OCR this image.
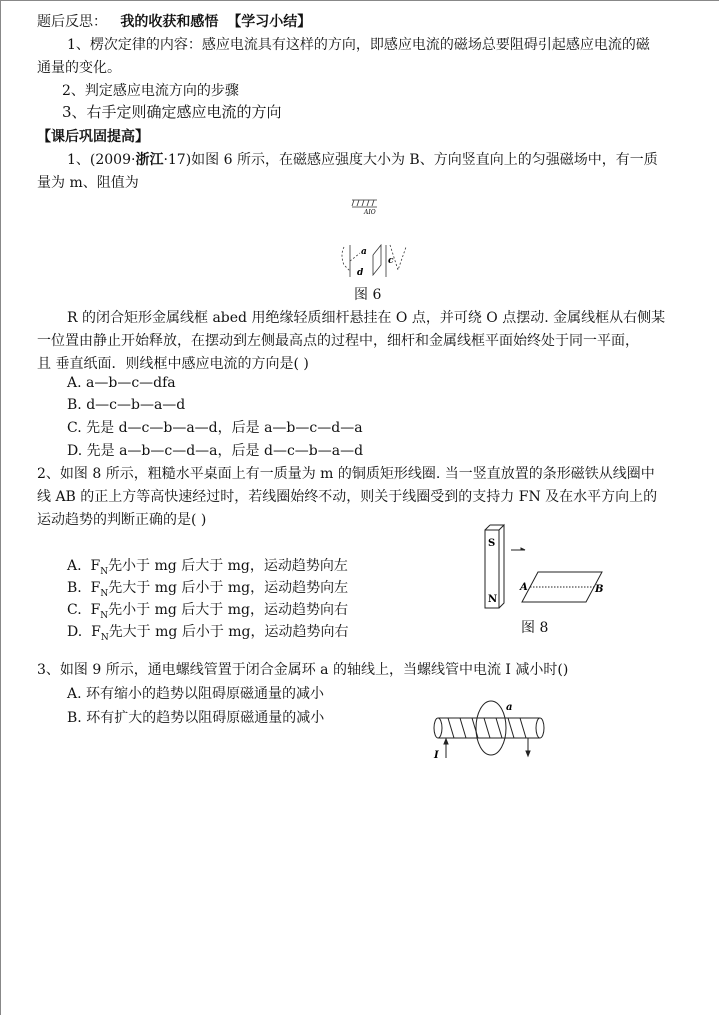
题后反思： 我的收获和感悟 【学习小结】
1、楞次定律的内容：感应电流具有这样的方向，即感应电流的磁场总要阻碍引起感应电流的磁
通量的变化。
2、判定感应电流方向的步骤
3、右手定则确定感应电流的方向
【课后巩固提高】
1、(2009·浙江·17)如图 6 所示，在磁感应强度大小为 B、方向竖直向上的匀强磁场中，有一质
量为 m、阻值为
AIO
a
d
c
图 6
R 的闭合矩形金属线框 abed 用绝缘轻质细杆悬挂在 O 点，并可绕 O 点摆动. 金属线框从右侧某
一位置由静止开始释放，在摆动到左侧最高点的过程中，细杆和金属线框平面始终处于同一平面，
且 垂直纸面．则线框中感应电流的方向是( )
A. a—b—c—dfa
B. d—c—b—a—d
C. 先是 d—c—b—a—d，后是 a—b—c—d—a
D. 先是 a—b—c—d—a，后是 d—c—b—a—d
2、如图 8 所示，粗糙水平桌面上有一质量为 m 的铜质矩形线圈. 当一竖直放置的条形磁铁从线圈中
线 AB 的正上方等高快速经过时，若线圈始终不动，则关于线圈受到的支持力 FN 及在水平方向上的
运动趋势的判断正确的是( )
A. $F_N$先小于 mg 后大于 mg，运动趋势向左
B. $F_N$先大于 mg 后小于 mg，运动趋势向左
C. $F_N$先小于 mg 后大于 mg，运动趋势向右
D. $F_N$先大于 mg 后小于 mg，运动趋势向右
S
N
A	B
图 8
3、如图 9 所示，通电螺线管置于闭合金属环 a 的轴线上，当螺线管中电流 I 减小时()
A. 环有缩小的趋势以阻碍原磁通量的减小
B. 环有扩大的趋势以阻碍原磁通量的减小
a
I
